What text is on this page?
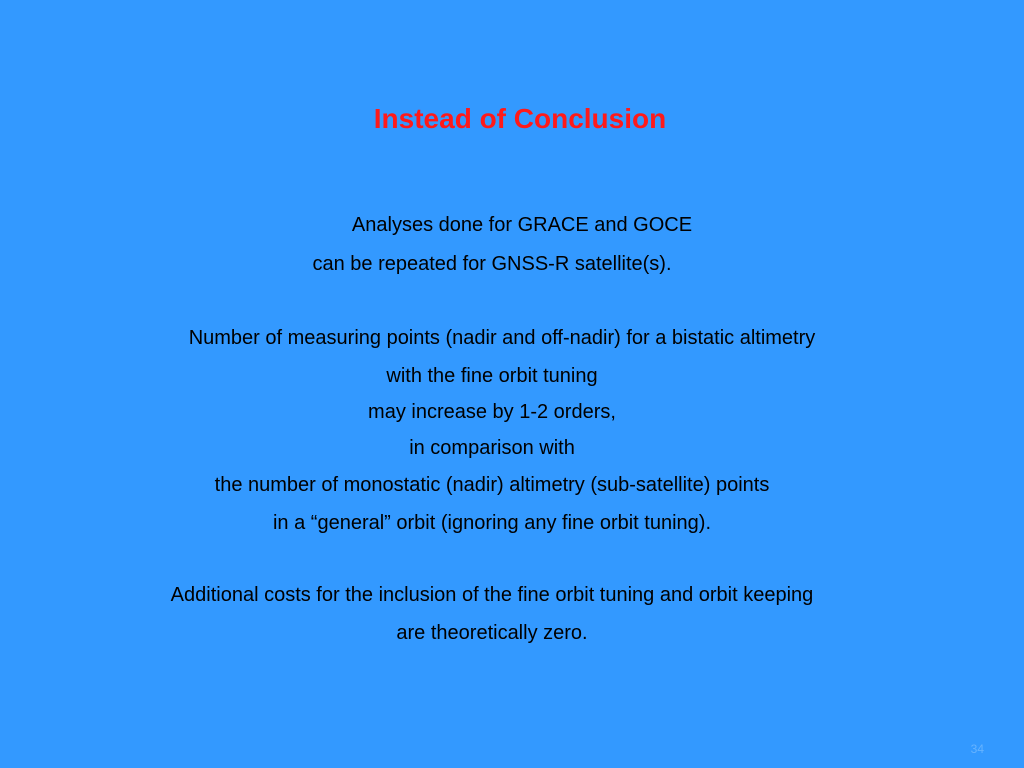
Instead of Conclusion
Analyses done for GRACE and GOCE
can be repeated for GNSS-R satellite(s).
Number of measuring points (nadir and off-nadir) for a bistatic altimetry
with the fine orbit tuning
may increase by 1-2 orders,
in comparison with
the number of monostatic (nadir) altimetry (sub-satellite) points
in a “general” orbit (ignoring any fine orbit tuning).
Additional costs for the inclusion of the fine orbit tuning and orbit keeping
are theoretically zero.
34
